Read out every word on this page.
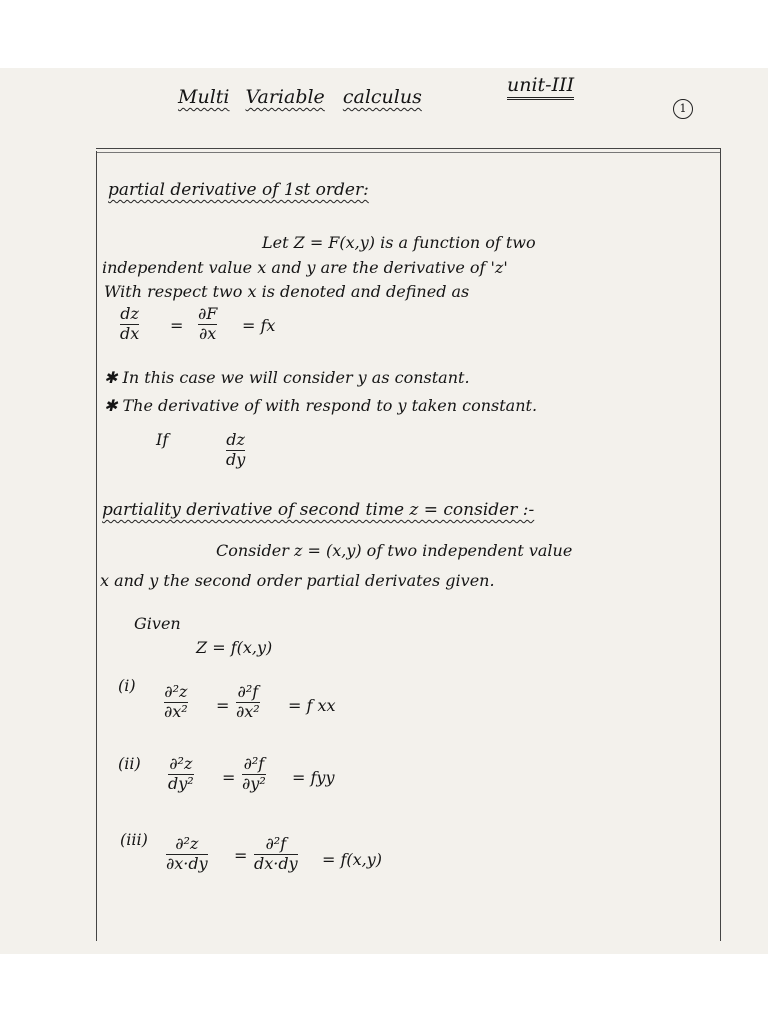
Multi Variable calculus
unit-III
1
partial derivative of 1st order:
Let Z = F(x,y) is a function of two
independent value x and y are the derivative of 'z'
With respect two x is denoted and defined as
dz
dx =
∂F
∂x = fx
✱ In this case we will consider y as constant.
✱ The derivative of with respond to y taken constant.
If	dz
dy
partiality derivative of second time z = consider :-
Consider z = (x,y) of two independent value
x and y the second order partial derivates given.
Given
Z = f(x,y)
(i) ∂²z
∂x² =
∂²f
∂x² = f xx
(ii) ∂²z
dy² =
∂²f
∂y² = fyy
(iii) ∂²z
∂x·dy =
∂²f
dx·dy = f(x,y)
